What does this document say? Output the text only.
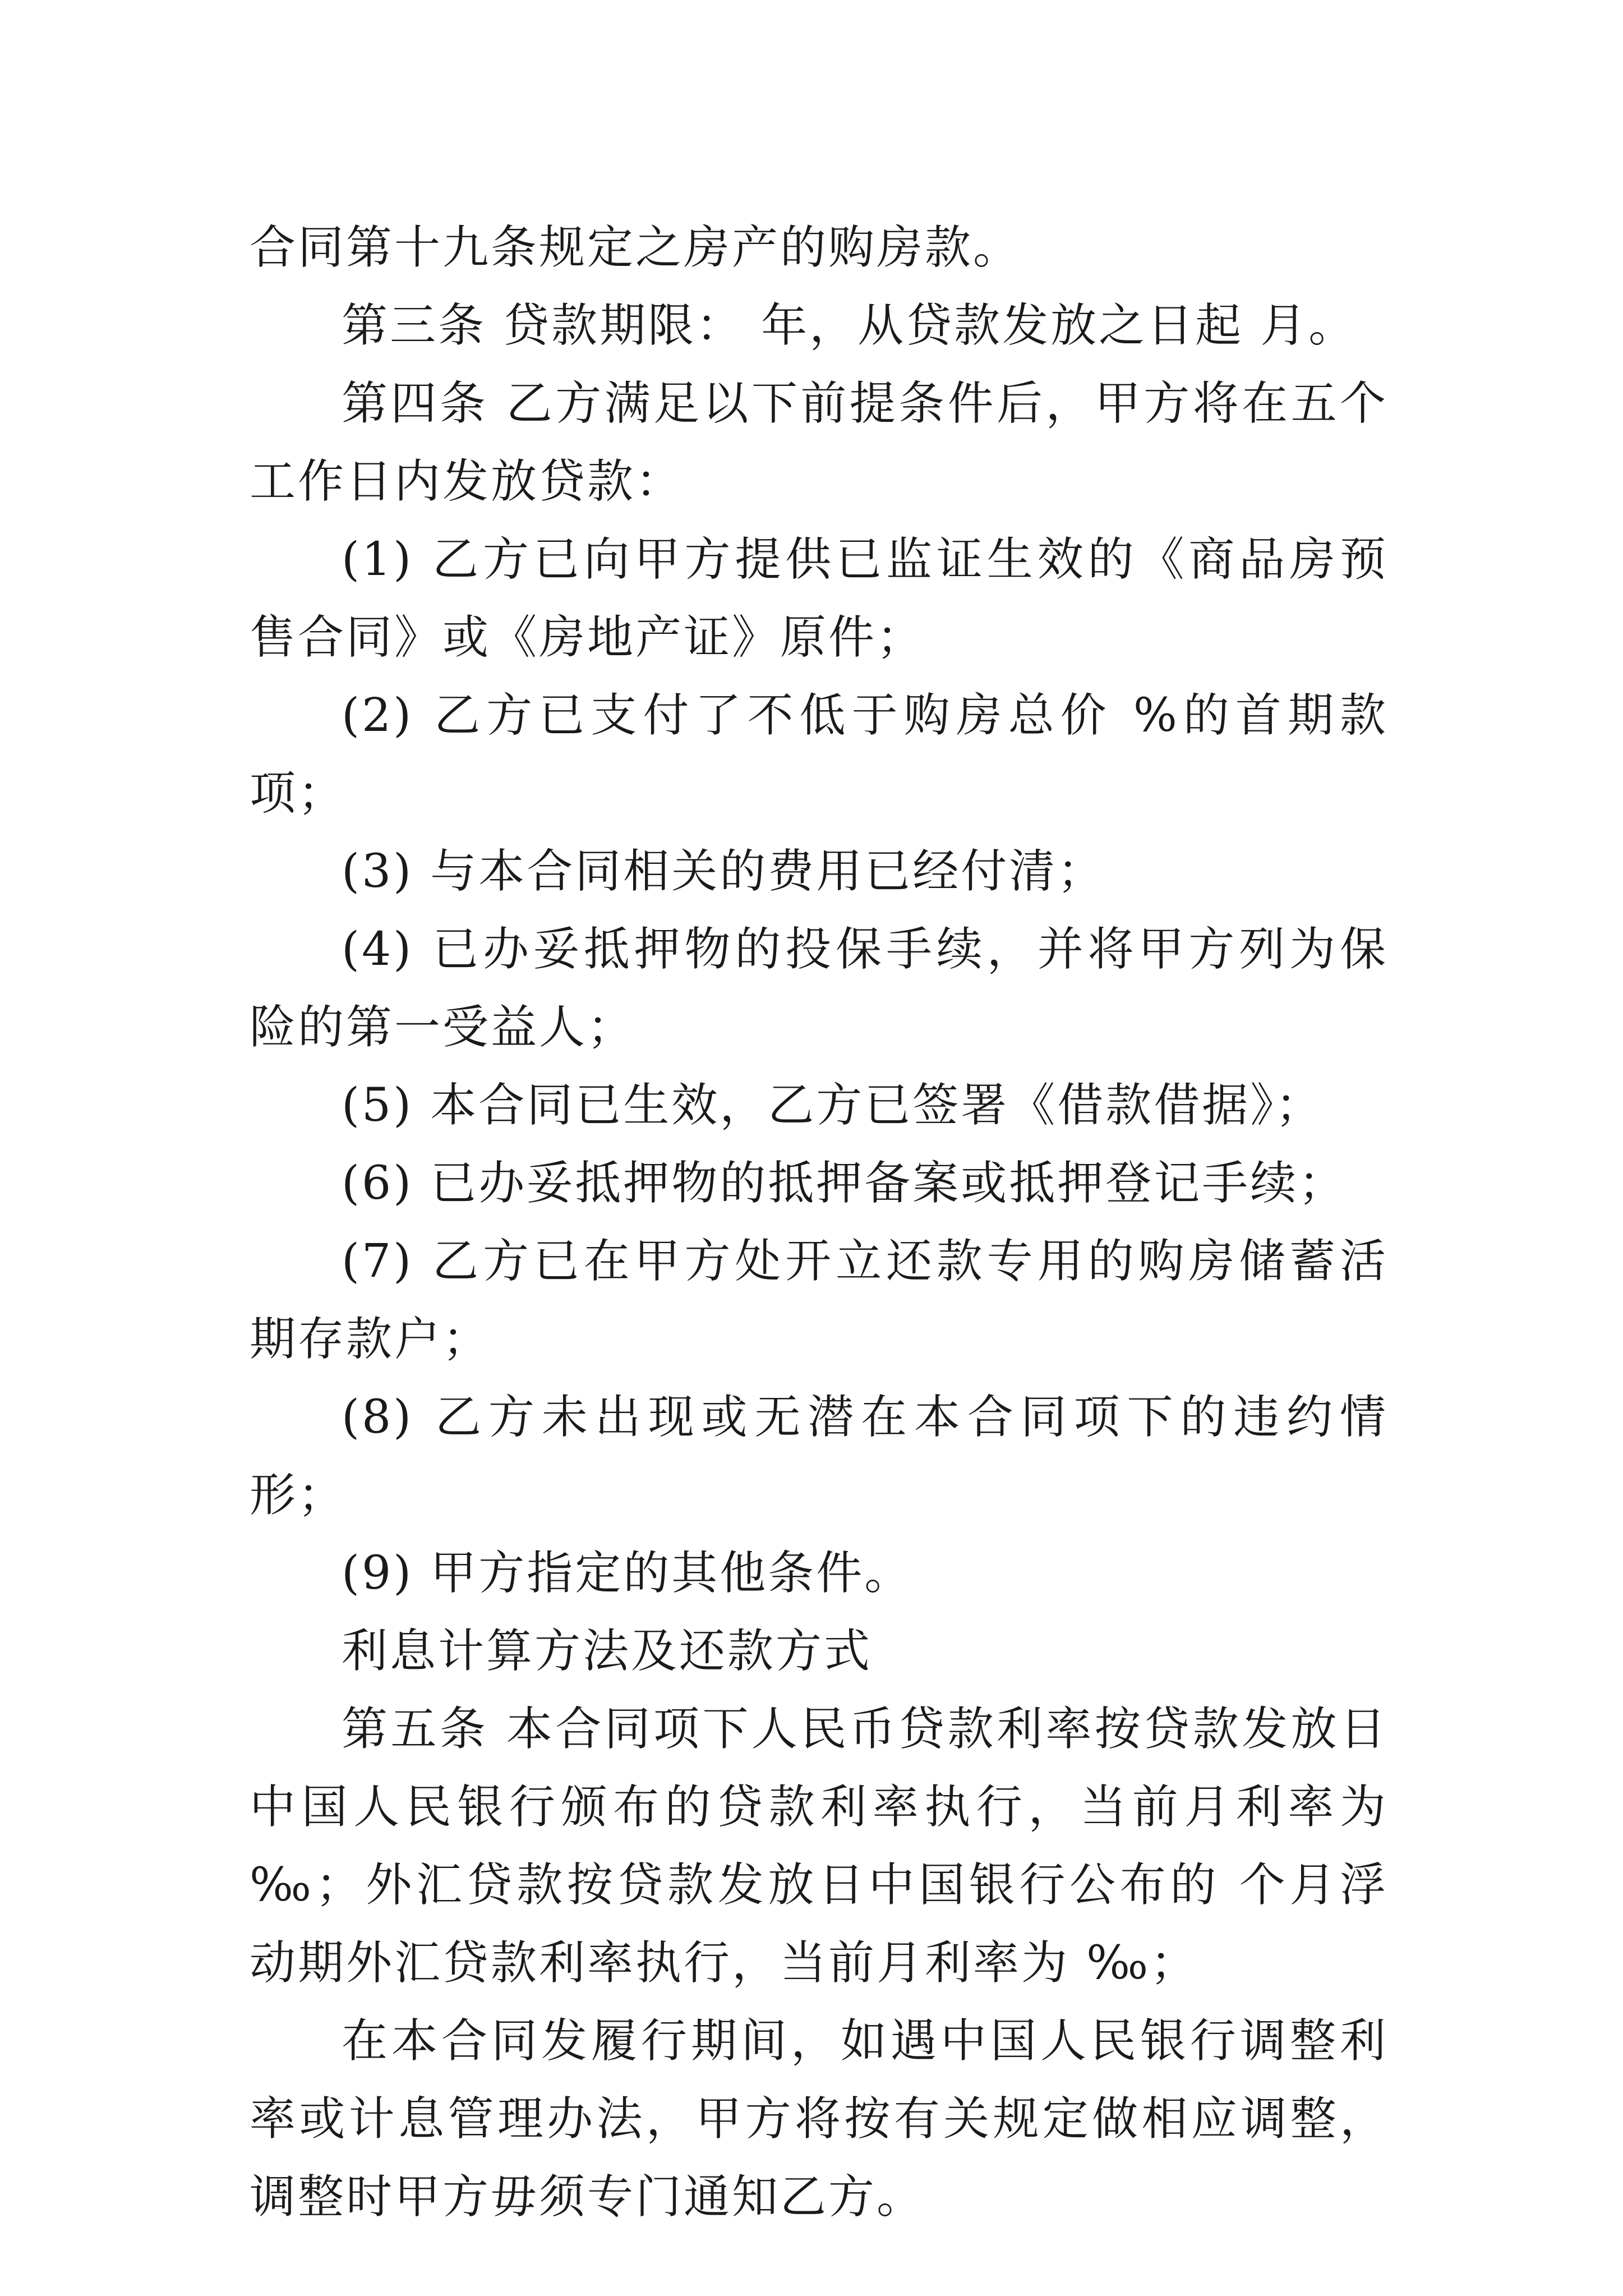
合同第十九条规定之房产的购房款。

第三条 贷款期限： 年，从贷款发放之日起 月。

第四条 乙方满足以下前提条件后，甲方将在五个工作日内发放贷款：

(1) 乙方已向甲方提供已监证生效的《商品房预售合同》或《房地产证》原件；

(2) 乙方已支付了不低于购房总价 %的首期款项；

(3) 与本合同相关的费用已经付清；

(4) 已办妥抵押物的投保手续，并将甲方列为保险的第一受益人；

(5) 本合同已生效，乙方已签署《借款借据》；

(6) 已办妥抵押物的抵押备案或抵押登记手续；

(7) 乙方已在甲方处开立还款专用的购房储蓄活期存款户；

(8) 乙方未出现或无潜在本合同项下的违约情形；

(9) 甲方指定的其他条件。

利息计算方法及还款方式

第五条 本合同项下人民币贷款利率按贷款发放日中国人民银行颁布的贷款利率执行，当前月利率为 ‰；外汇贷款按贷款发放日中国银行公布的 个月浮动期外汇贷款利率执行，当前月利率为 ‰；

在本合同发履行期间，如遇中国人民银行调整利率或计息管理办法，甲方将按有关规定做相应调整，调整时甲方毋须专门通知乙方。
